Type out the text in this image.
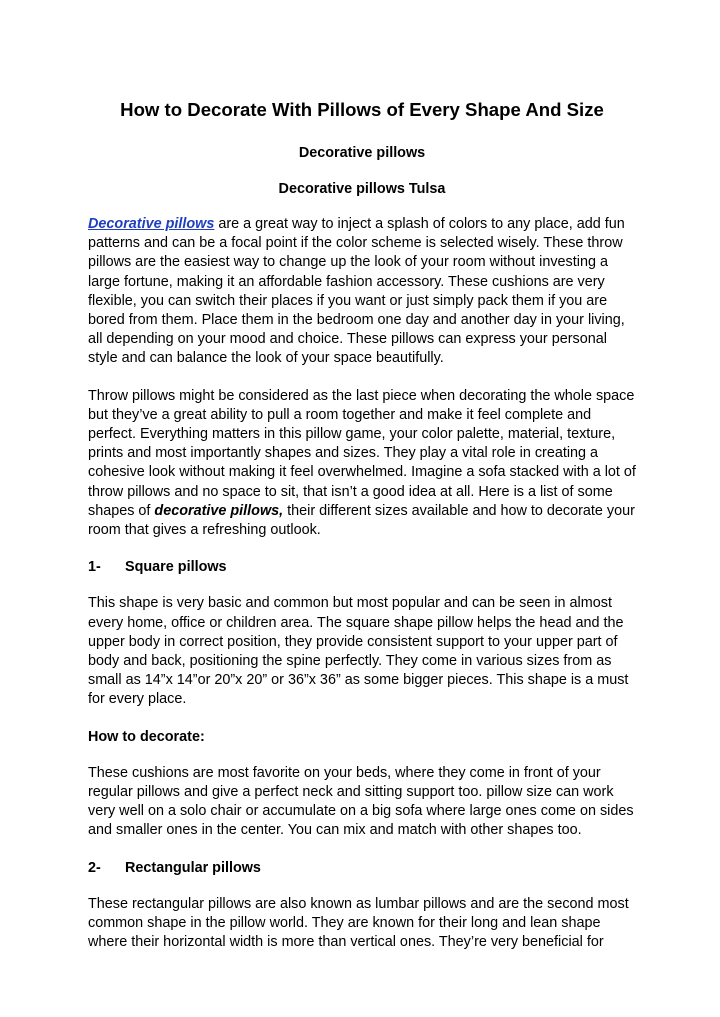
How to Decorate With Pillows of Every Shape And Size
Decorative pillows
Decorative pillows Tulsa

Decorative pillows are a great way to inject a splash of colors to any place, add fun patterns and can be a focal point if the color scheme is selected wisely. These throw pillows are the easiest way to change up the look of your room without investing a large fortune, making it an affordable fashion accessory. These cushions are very flexible, you can switch their places if you want or just simply pack them if you are bored from them. Place them in the bedroom one day and another day in your living, all depending on your mood and choice. These pillows can express your personal style and can balance the look of your space beautifully.

Throw pillows might be considered as the last piece when decorating the whole space but they’ve a great ability to pull a room together and make it feel complete and perfect. Everything matters in this pillow game, your color palette, material, texture, prints and most importantly shapes and sizes. They play a vital role in creating a cohesive look without making it feel overwhelmed. Imagine a sofa stacked with a lot of throw pillows and no space to sit, that isn’t a good idea at all. Here is a list of some shapes of decorative pillows, their different sizes available and how to decorate your room that gives a refreshing outlook.

1-	Square pillows

This shape is very basic and common but most popular and can be seen in almost every home, office or children area. The square shape pillow helps the head and the upper body in correct position, they provide consistent support to your upper part of body and back, positioning the spine perfectly. They come in various sizes from as small as 14”x 14”or 20”x 20” or 36”x 36” as some bigger pieces. This shape is a must for every place.

How to decorate:

These cushions are most favorite on your beds, where they come in front of your regular pillows and give a perfect neck and sitting support too. pillow size can work very well on a solo chair or accumulate on a big sofa where large ones come on sides and smaller ones in the center. You can mix and match with other shapes too.

2-	Rectangular pillows

These rectangular pillows are also known as lumbar pillows and are the second most common shape in the pillow world. They are known for their long and lean shape where their horizontal width is more than vertical ones. They’re very beneficial for
